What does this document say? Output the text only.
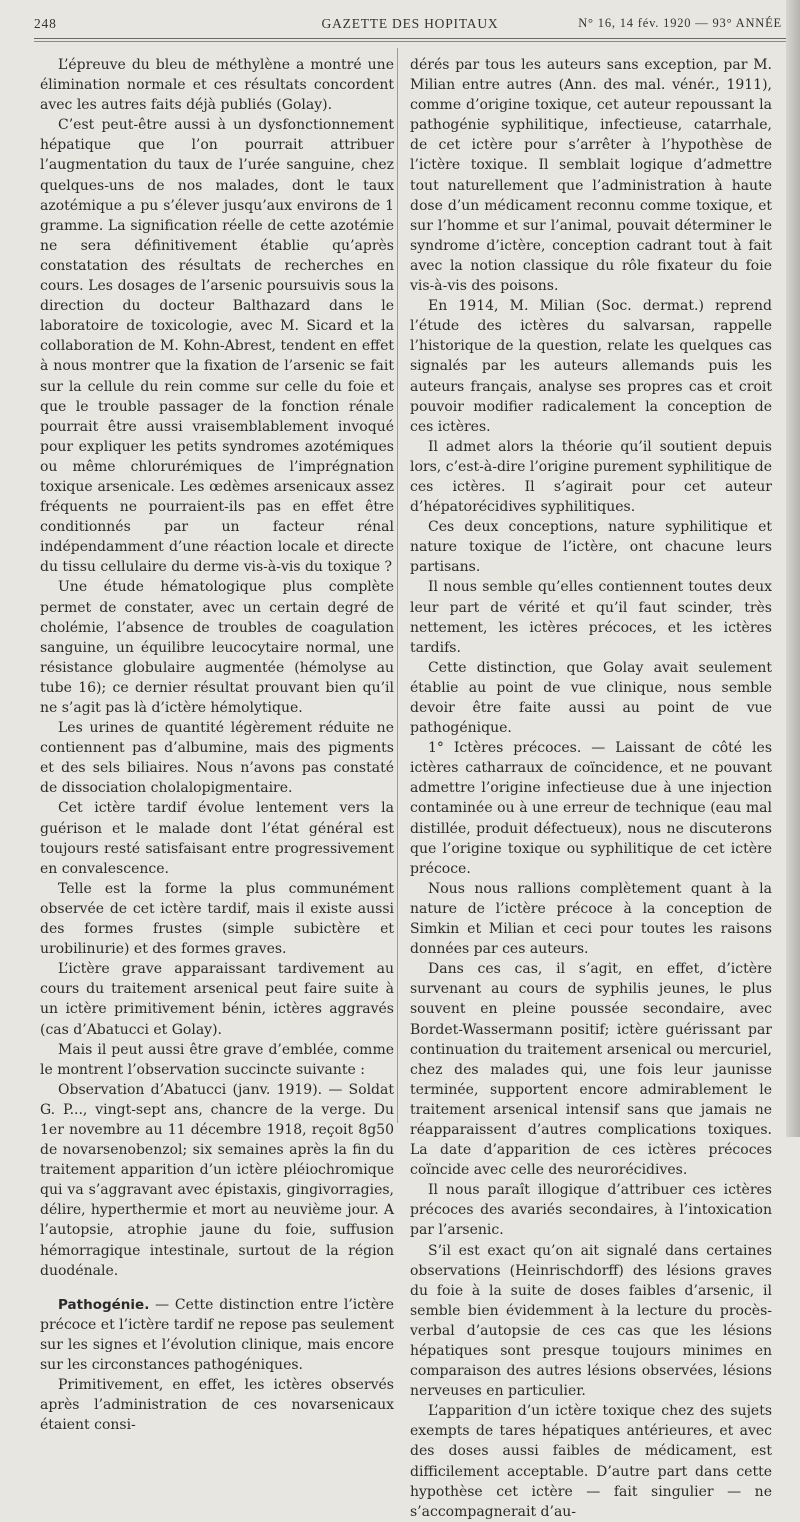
248	GAZETTE DES HOPITAUX	N° 16, 14 fév. 1920 — 93° ANNÉE

L’épreuve du bleu de méthylène a montré une élimination normale et ces résultats concordent avec les autres faits déjà publiés (Golay).

C’est peut-être aussi à un dysfonctionnement hépatique que l’on pourrait attribuer l’augmentation du taux de l’urée sanguine, chez quelques-uns de nos malades, dont le taux azotémique a pu s’élever jusqu’aux environs de 1 gramme. La signification réelle de cette azotémie ne sera définitivement établie qu’après constatation des résultats de recherches en cours. Les dosages de l’arsenic poursuivis sous la direction du docteur Balthazard dans le laboratoire de toxicologie, avec M. Sicard et la collaboration de M. Kohn-Abrest, tendent en effet à nous montrer que la fixation de l’arsenic se fait sur la cellule du rein comme sur celle du foie et que le trouble passager de la fonction rénale pourrait être aussi vraisemblablement invoqué pour expliquer les petits syndromes azotémiques ou même chlorurémiques de l’imprégnation toxique arsenicale. Les œdèmes arsenicaux assez fréquents ne pourraient-ils pas en effet être conditionnés par un facteur rénal indépendamment d’une réaction locale et directe du tissu cellulaire du derme vis-à-vis du toxique ?

Une étude hématologique plus complète permet de constater, avec un certain degré de cholémie, l’absence de troubles de coagulation sanguine, un équilibre leucocytaire normal, une résistance globulaire augmentée (hémolyse au tube 16); ce dernier résultat prouvant bien qu’il ne s’agit pas là d’ictère hémolytique.

Les urines de quantité légèrement réduite ne contiennent pas d’albumine, mais des pigments et des sels biliaires. Nous n’avons pas constaté de dissociation cholalopigmentaire.

Cet ictère tardif évolue lentement vers la guérison et le malade dont l’état général est toujours resté satisfaisant entre progressivement en convalescence.

Telle est la forme la plus communément observée de cet ictère tardif, mais il existe aussi des formes frustes (simple subictère et urobilinurie) et des formes graves.

L’ictère grave apparaissant tardivement au cours du traitement arsenical peut faire suite à un ictère primitivement bénin, ictères aggravés (cas d’Abatucci et Golay).

Mais il peut aussi être grave d’emblée, comme le montrent l’observation succincte suivante :

Observation d’Abatucci (janv. 1919). — Soldat G. P..., vingt-sept ans, chancre de la verge. Du 1er novembre au 11 décembre 1918, reçoit 8g50 de novarsenobenzol; six semaines après la fin du traitement apparition d’un ictère pléiochromique qui va s’aggravant avec épistaxis, gingivorragies, délire, hyperthermie et mort au neuvième jour. A l’autopsie, atrophie jaune du foie, suffusion hémorragique intestinale, surtout de la région duodénale.

Pathogénie. — Cette distinction entre l’ictère précoce et l’ictère tardif ne repose pas seulement sur les signes et l’évolution clinique, mais encore sur les circonstances pathogéniques.

Primitivement, en effet, les ictères observés après l’administration de ces novarsenicaux étaient consi-

dérés par tous les auteurs sans exception, par M. Milian entre autres (Ann. des mal. vénér., 1911), comme d’origine toxique, cet auteur repoussant la pathogénie syphilitique, infectieuse, catarrhale, de cet ictère pour s’arrêter à l’hypothèse de l’ictère toxique. Il semblait logique d’admettre tout naturellement que l’administration à haute dose d’un médicament reconnu comme toxique, et sur l’homme et sur l’animal, pouvait déterminer le syndrome d’ictère, conception cadrant tout à fait avec la notion classique du rôle fixateur du foie vis-à-vis des poisons.

En 1914, M. Milian (Soc. dermat.) reprend l’étude des ictères du salvarsan, rappelle l’historique de la question, relate les quelques cas signalés par les auteurs allemands puis les auteurs français, analyse ses propres cas et croit pouvoir modifier radicalement la conception de ces ictères.

Il admet alors la théorie qu’il soutient depuis lors, c’est-à-dire l’origine purement syphilitique de ces ictères. Il s’agirait pour cet auteur d’hépatorécidives syphilitiques.

Ces deux conceptions, nature syphilitique et nature toxique de l’ictère, ont chacune leurs partisans.

Il nous semble qu’elles contiennent toutes deux leur part de vérité et qu’il faut scinder, très nettement, les ictères précoces, et les ictères tardifs.

Cette distinction, que Golay avait seulement établie au point de vue clinique, nous semble devoir être faite aussi au point de vue pathogénique.

1° Ictères précoces. — Laissant de côté les ictères catharraux de coïncidence, et ne pouvant admettre l’origine infectieuse due à une injection contaminée ou à une erreur de technique (eau mal distillée, produit défectueux), nous ne discuterons que l’origine toxique ou syphilitique de cet ictère précoce.

Nous nous rallions complètement quant à la nature de l’ictère précoce à la conception de Simkin et Milian et ceci pour toutes les raisons données par ces auteurs.

Dans ces cas, il s’agit, en effet, d’ictère survenant au cours de syphilis jeunes, le plus souvent en pleine poussée secondaire, avec Bordet-Wassermann positif; ictère guérissant par continuation du traitement arsenical ou mercuriel, chez des malades qui, une fois leur jaunisse terminée, supportent encore admirablement le traitement arsenical intensif sans que jamais ne réapparaissent d’autres complications toxiques. La date d’apparition de ces ictères précoces coïncide avec celle des neurorécidives.

Il nous paraît illogique d’attribuer ces ictères précoces des avariés secondaires, à l’intoxication par l’arsenic.

S’il est exact qu’on ait signalé dans certaines observations (Heinrischdorff) des lésions graves du foie à la suite de doses faibles d’arsenic, il semble bien évidemment à la lecture du procès-verbal d’autopsie de ces cas que les lésions hépatiques sont presque toujours minimes en comparaison des autres lésions observées, lésions nerveuses en particulier.

L’apparition d’un ictère toxique chez des sujets exempts de tares hépatiques antérieures, et avec des doses aussi faibles de médicament, est difficilement acceptable. D’autre part dans cette hypothèse cet ictère — fait singulier — ne s’accompagnerait d’au-
